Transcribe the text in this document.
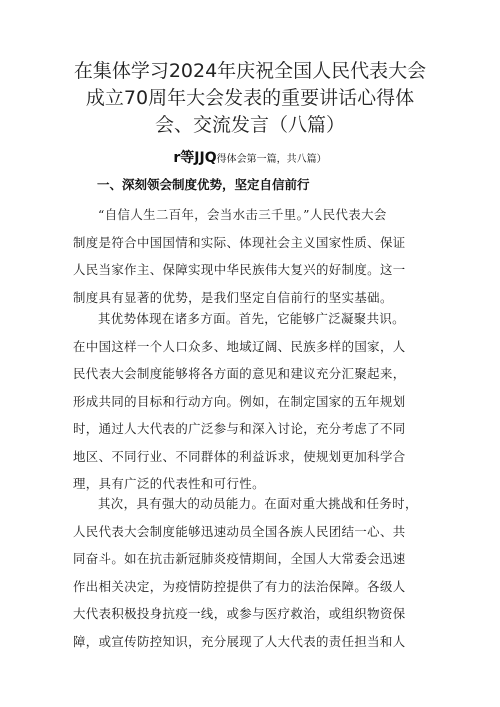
在集体学习2024年庆祝全国人民代表大会
成立70周年大会发表的重要讲话心得体
会、交流发言（八篇）
r等JJQ得体会第一篇，共八篇）
一、深刻领会制度优势，坚定自信前行

“自信人生二百年，会当水击三千里。”人民代表大会
制度是符合中国国情和实际、体现社会主义国家性质、保证
人民当家作主、保障实现中华民族伟大复兴的好制度。这一
制度具有显著的优势，是我们坚定自信前行的坚实基础。

其优势体现在诸多方面。首先，它能够广泛凝聚共识。
在中国这样一个人口众多、地域辽阔、民族多样的国家，人
民代表大会制度能够将各方面的意见和建议充分汇聚起来，
形成共同的目标和行动方向。例如，在制定国家的五年规划
时，通过人大代表的广泛参与和深入讨论，充分考虑了不同
地区、不同行业、不同群体的利益诉求，使规划更加科学合
理，具有广泛的代表性和可行性。

其次，具有强大的动员能力。在面对重大挑战和任务时，
人民代表大会制度能够迅速动员全国各族人民团结一心、共
同奋斗。如在抗击新冠肺炎疫情期间，全国人大常委会迅速
作出相关决定，为疫情防控提供了有力的法治保障。各级人
大代表积极投身抗疫一线，或参与医疗救治，或组织物资保
障，或宣传防控知识，充分展现了人大代表的责任担当和人
